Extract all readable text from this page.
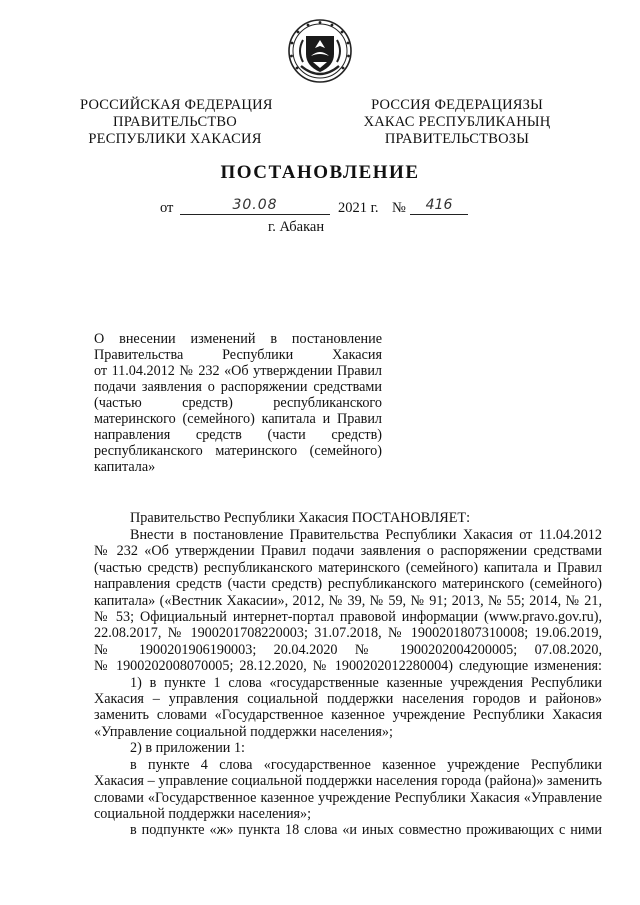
РОССИЙСКАЯ ФЕДЕРАЦИЯ
ПРАВИТЕЛЬСТВО
РЕСПУБЛИКИ ХАКАСИЯ
РОССИЯ ФЕДЕРАЦИЯЗЫ
ХАКАС РЕСПУБЛИКАНЫҢ
ПРАВИТЕЛЬСТВОЗЫ
ПОСТАНОВЛЕНИЕ
от	30.08	2021 г. №	416
г. Абакан
О внесении изменений в постановление
Правительства Республики Хакасия
от 11.04.2012 № 232 «Об утверждении Правил
подачи заявления о распоряжении средствами
(частью средств) республиканского
материнского (семейного) капитала и Правил
направления средств (части средств)
республиканского материнского (семейного)
капитала»
Правительство Республики Хакасия ПОСТАНОВЛЯЕТ:
Внести в постановление Правительства Республики Хакасия от 11.04.2012
№ 232 «Об утверждении Правил подачи заявления о распоряжении средствами
(частью средств) республиканского материнского (семейного) капитала и Правил
направления средств (части средств) республиканского материнского (семейного)
капитала» («Вестник Хакасии», 2012, № 39, № 59, № 91; 2013, № 55; 2014, № 21,
№ 53; Официальный интернет-портал правовой информации (www.pravo.gov.ru),
22.08.2017, № 1900201708220003; 31.07.2018, № 1900201807310008; 19.06.2019,
№ 1900201906190003; 20.04.2020 № 1900202004200005; 07.08.2020,
№ 1900202008070005; 28.12.2020, № 1900202012280004) следующие изменения:
1) в пункте 1 слова «государственные казенные учреждения Республики
Хакасия – управления социальной поддержки населения городов и районов»
заменить словами «Государственное казенное учреждение Республики Хакасия
«Управление социальной поддержки населения»;
2) в приложении 1:
в пункте 4 слова «государственное казенное учреждение Республики
Хакасия – управление социальной поддержки населения города (района)» заменить
словами «Государственное казенное учреждение Республики Хакасия «Управление
социальной поддержки населения»;
в подпункте «ж» пункта 18 слова «и иных совместно проживающих с ними
